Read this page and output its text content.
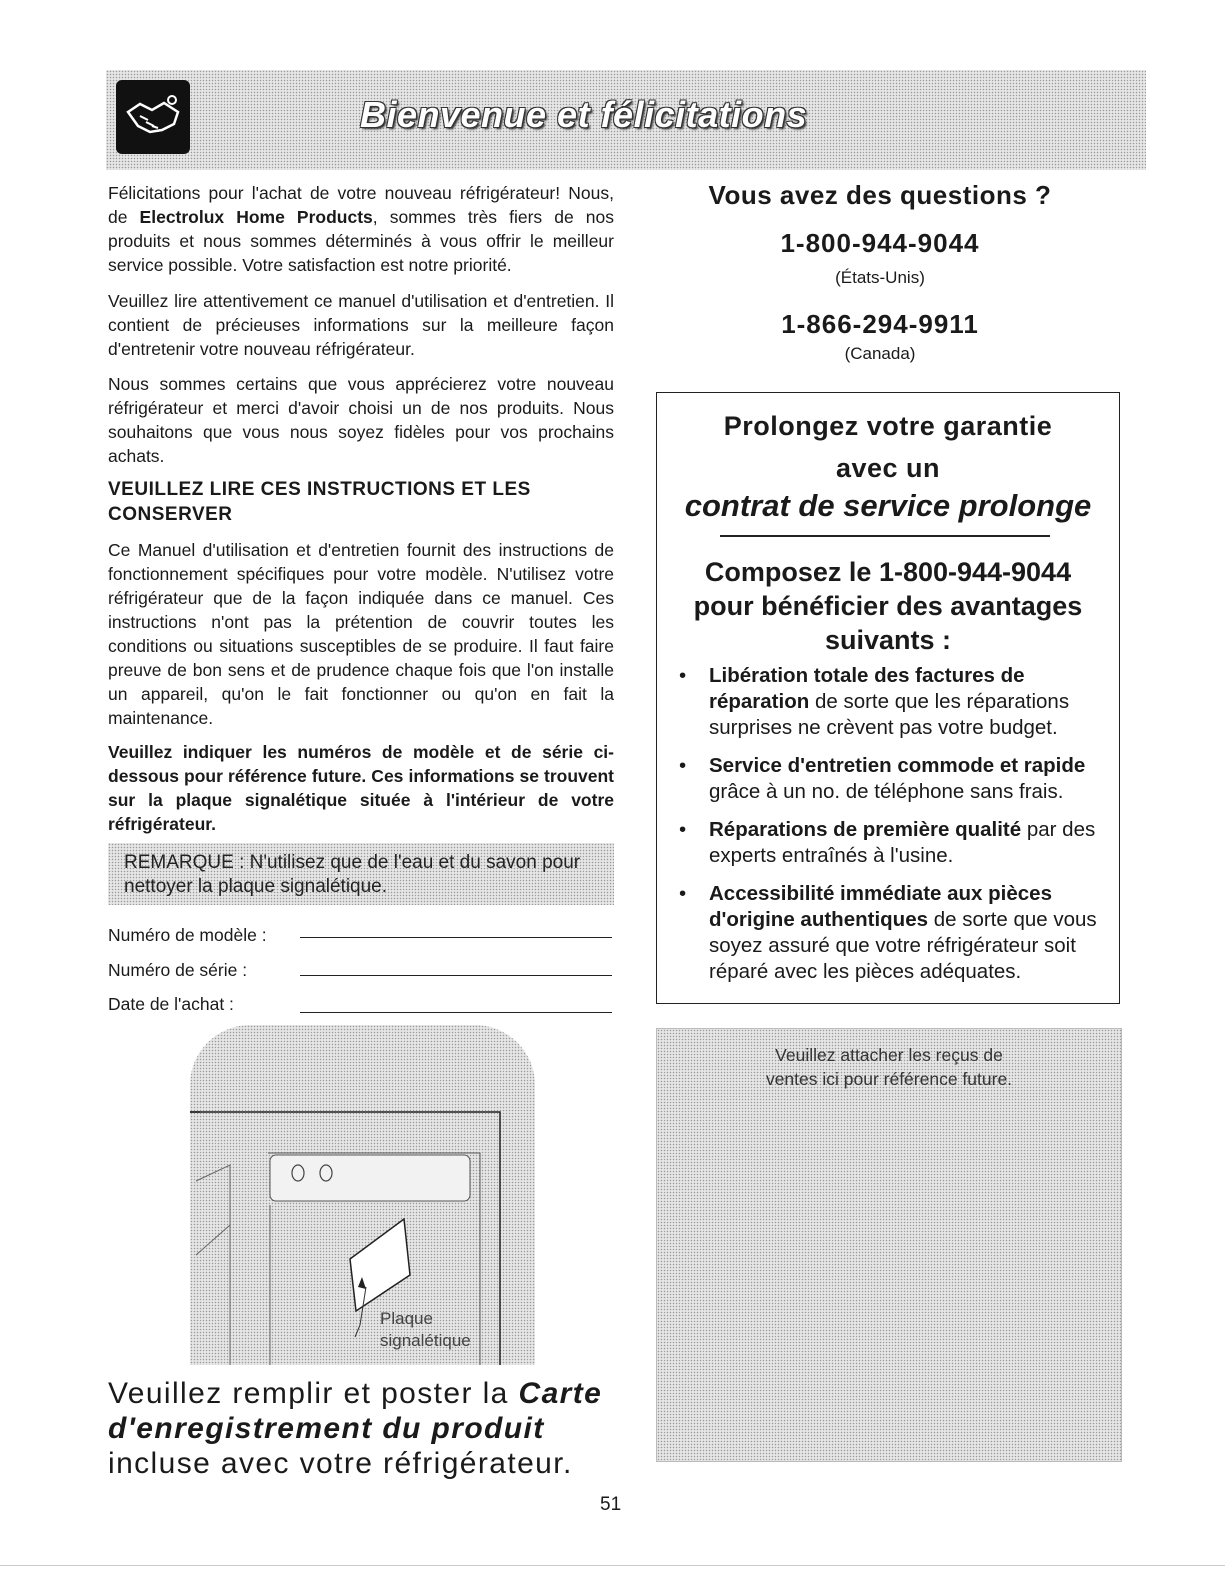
Bienvenue et félicitations

Félicitations pour l'achat de votre nouveau réfrigérateur! Nous, de Electrolux Home Products, sommes très fiers de nos produits et nous sommes déterminés à vous offrir le meilleur service possible. Votre satisfaction est notre priorité.

Veuillez lire attentivement ce manuel d'utilisation et d'entretien. Il contient de précieuses informations sur la meilleure façon d'entretenir votre nouveau réfrigérateur.

Nous sommes certains que vous apprécierez votre nouveau réfrigérateur et merci d'avoir choisi un de nos produits. Nous souhaitons que vous nous soyez fidèles pour vos prochains achats.

VEUILLEZ LIRE CES INSTRUCTIONS ET LES CONSERVER

Ce Manuel d'utilisation et d'entretien fournit des instructions de fonctionnement spécifiques pour votre modèle. N'utilisez votre réfrigérateur que de la façon indiquée dans ce manuel. Ces instructions n'ont pas la prétention de couvrir toutes les conditions ou situations susceptibles de se produire. Il faut faire preuve de bon sens et de prudence chaque fois que l'on installe un appareil, qu'on le fait fonctionner ou qu'on en fait la maintenance.

Veuillez indiquer les numéros de modèle et de série ci-dessous pour référence future. Ces informations se trouvent sur la plaque signalétique située à l'intérieur de votre réfrigérateur.

REMARQUE : N'utilisez que de l'eau et du savon pour nettoyer la plaque signalétique.
Numéro de modèle :
Numéro de série :
Date de l'achat :
Plaque
signalétique

Veuillez remplir et poster la Carte d'enregistrement du produit incluse avec votre réfrigérateur.

51
Vous avez des questions ?
1-800-944-9044
(États-Unis)
1-866-294-9911
(Canada)
Prolongez votre garantie
avec un
contrat de service prolonge
Composez le 1-800-944-9044
pour bénéficier des avantages
suivants :
• Libération totale des factures de réparation de sorte que les réparations surprises ne crèvent pas votre budget.
• Service d'entretien commode et rapide grâce à un no. de téléphone sans frais.
• Réparations de première qualité par des experts entraînés à l'usine.
• Accessibilité immédiate aux pièces d'origine authentiques de sorte que vous soyez assuré que votre réfrigérateur soit réparé avec les pièces adéquates.
Veuillez attacher les reçus de
ventes ici pour référence future.
